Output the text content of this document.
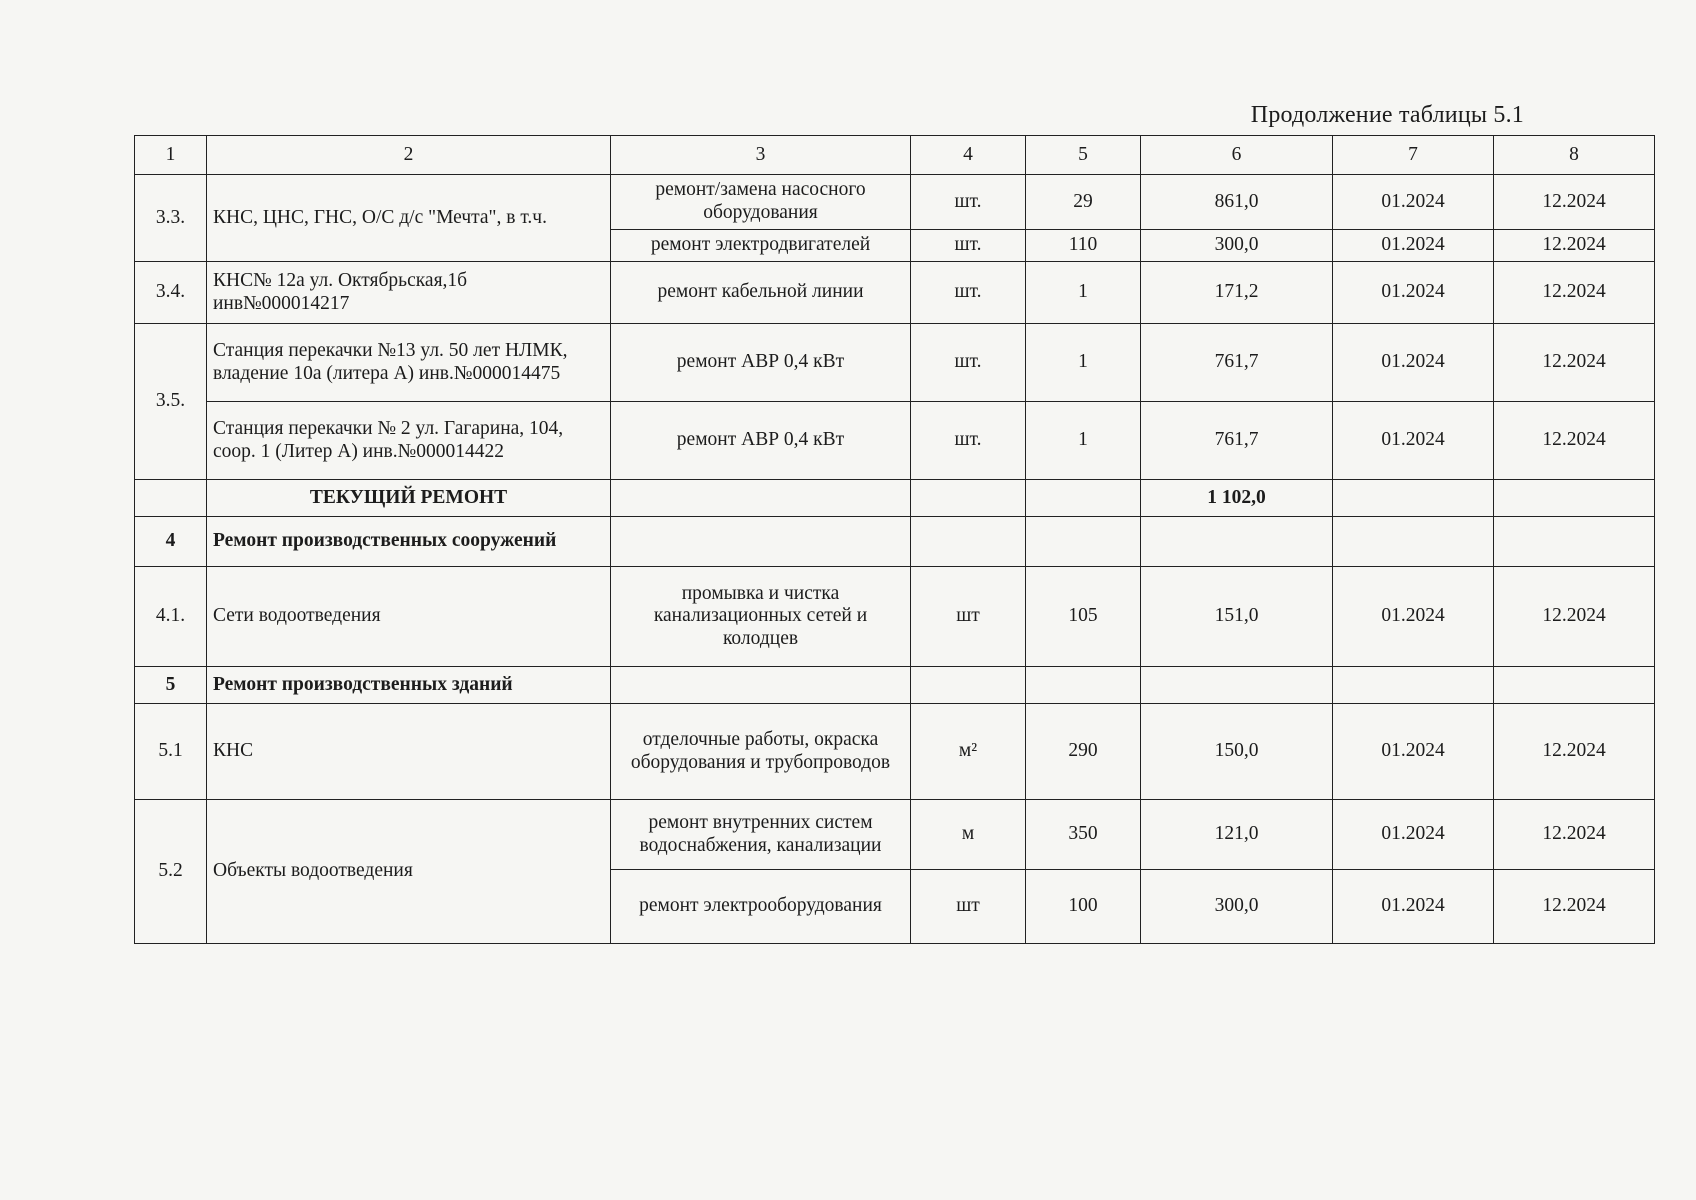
Продолжение таблицы 5.1
1	2	3	4	5	6	7	8
3.3.	КНС, ЦНС, ГНС, О/С д/с "Мечта", в т.ч.	ремонт/замена насосного оборудования	шт.	29	861,0	01.2024	12.2024
		ремонт электродвигателей	шт.	110	300,0	01.2024	12.2024
3.4.	КНС№ 12а ул. Октябрьская,1б инв№000014217	ремонт кабельной линии	шт.	1	171,2	01.2024	12.2024
3.5.	Станция перекачки №13 ул. 50 лет НЛМК, владение 10а (литера А) инв.№000014475	ремонт АВР 0,4 кВт	шт.	1	761,7	01.2024	12.2024
	Станция перекачки № 2 ул. Гагарина, 104, соор. 1 (Литер А) инв.№000014422	ремонт АВР 0,4 кВт	шт.	1	761,7	01.2024	12.2024
	ТЕКУЩИЙ РЕМОНТ				1 102,0		
4	Ремонт производственных сооружений						
4.1.	Сети водоотведения	промывка и чистка канализационных сетей и колодцев	шт	105	151,0	01.2024	12.2024
5	Ремонт производственных зданий						
5.1	КНС	отделочные работы, окраска оборудования и трубопроводов	м²	290	150,0	01.2024	12.2024
5.2	Объекты водоотведения	ремонт внутренних систем водоснабжения, канализации	м	350	121,0	01.2024	12.2024
		ремонт электрооборудования	шт	100	300,0	01.2024	12.2024
